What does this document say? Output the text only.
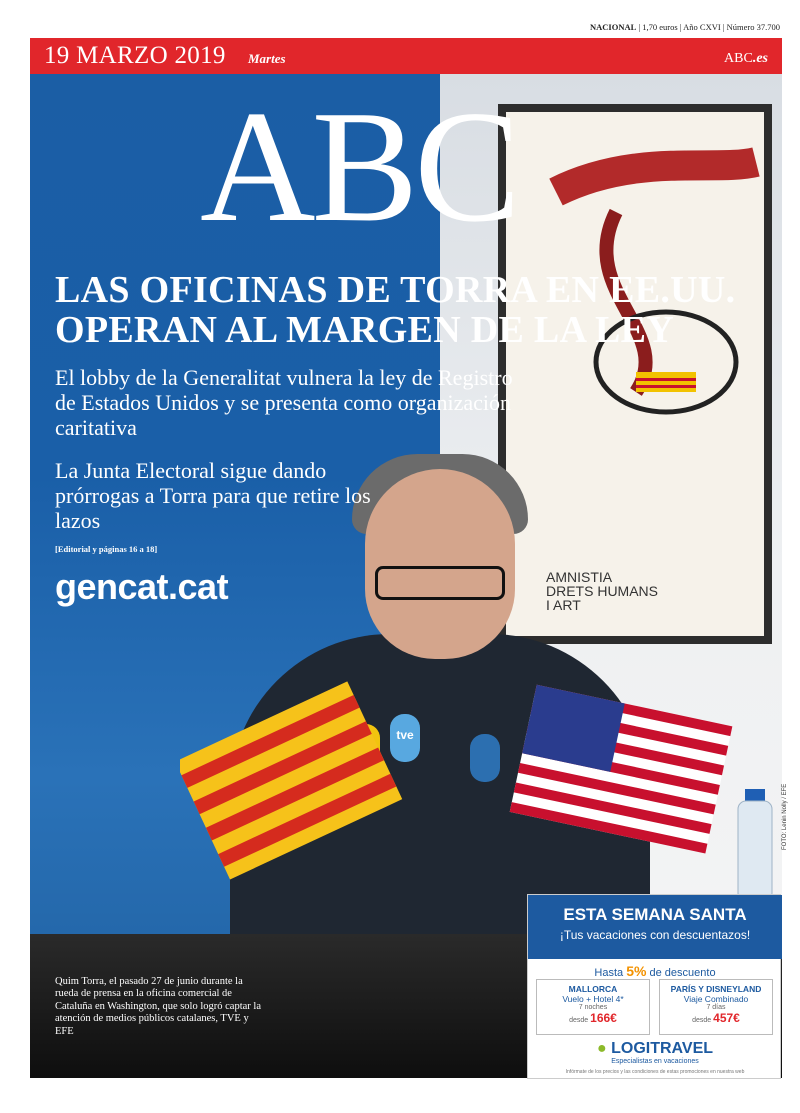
NACIONAL | 1,70 euros | Año CXVI | Número 37.700
19 MARZO 2019 Martes	ABC.es
AMNISTIA
DRETS HUMANS
I ART
tve
ABC
LAS OFICINAS DE TORRA EN EE.UU. OPERAN AL MARGEN DE LA LEY
El lobby de la Generalitat vulnera la ley de Registro de Estados Unidos y se presenta como organización caritativa
La Junta Electoral sigue dando prórrogas a Torra para que retire los lazos
[Editorial y páginas 16 a 18]
gencat.cat
Quim Torra, el pasado 27 de junio durante la rueda de prensa en la oficina comercial de Cataluña en Washington, que solo logró captar la atención de medios públicos catalanes, TVE y EFE
FOTO: Lenin Nolly / EFE
ESTA SEMANA SANTA
¡Tus vacaciones con descuentazos!
Hasta 5% de descuento
MALLORCA
Vuelo + Hotel 4*
7 noches
desde 166€
PARÍS Y DISNEYLAND
Viaje Combinado
7 días
desde 457€
● LOGITRAVEL
Especialistas en vacaciones
Infórmate de los precios y las condiciones de estas promociones en nuestra web
